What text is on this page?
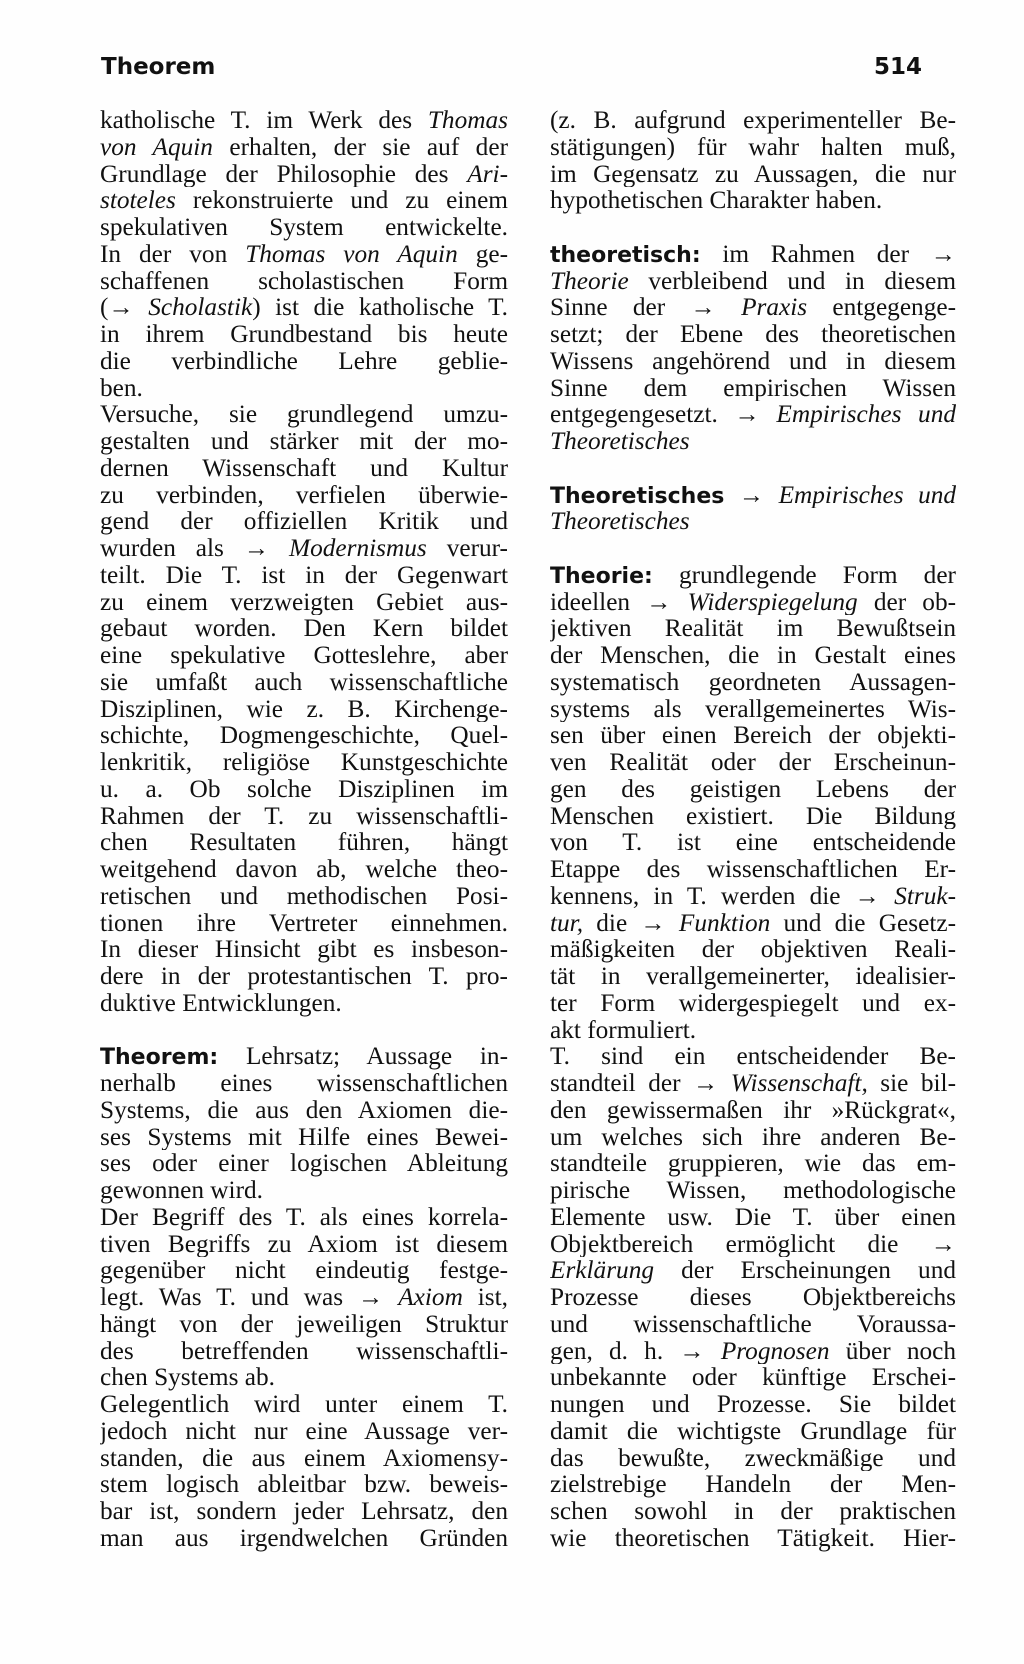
Theorem	514
katholische T. im Werk des Thomas
von Aquin erhalten, der sie auf der
Grundlage der Philosophie des Ari-
stoteles rekonstruierte und zu einem
spekulativen System entwickelte.
In der von Thomas von Aquin ge-
schaffenen scholastischen Form
(→ Scholastik) ist die katholische T.
in ihrem Grundbestand bis heute
die verbindliche Lehre geblie-
ben.
Versuche, sie grundlegend umzu-
gestalten und stärker mit der mo-
dernen Wissenschaft und Kultur
zu verbinden, verfielen überwie-
gend der offiziellen Kritik und
wurden als → Modernismus verur-
teilt. Die T. ist in der Gegenwart
zu einem verzweigten Gebiet aus-
gebaut worden. Den Kern bildet
eine spekulative Gotteslehre, aber
sie umfaßt auch wissenschaftliche
Disziplinen, wie z. B. Kirchenge-
schichte, Dogmengeschichte, Quel-
lenkritik, religiöse Kunstgeschichte
u. a. Ob solche Disziplinen im
Rahmen der T. zu wissenschaftli-
chen Resultaten führen, hängt
weitgehend davon ab, welche theo-
retischen und methodischen Posi-
tionen ihre Vertreter einnehmen.
In dieser Hinsicht gibt es insbeson-
dere in der protestantischen T. pro-
duktive Entwicklungen.
Theorem: Lehrsatz; Aussage in-
nerhalb eines wissenschaftlichen
Systems, die aus den Axiomen die-
ses Systems mit Hilfe eines Bewei-
ses oder einer logischen Ableitung
gewonnen wird.
Der Begriff des T. als eines korrela-
tiven Begriffs zu Axiom ist diesem
gegenüber nicht eindeutig festge-
legt. Was T. und was → Axiom ist,
hängt von der jeweiligen Struktur
des betreffenden wissenschaftli-
chen Systems ab.
Gelegentlich wird unter einem T.
jedoch nicht nur eine Aussage ver-
standen, die aus einem Axiomensy-
stem logisch ableitbar bzw. beweis-
bar ist, sondern jeder Lehrsatz, den
man aus irgendwelchen Gründen
(z. B. aufgrund experimenteller Be-
stätigungen) für wahr halten muß,
im Gegensatz zu Aussagen, die nur
hypothetischen Charakter haben.
theoretisch: im Rahmen der →
Theorie verbleibend und in diesem
Sinne der → Praxis entgegenge-
setzt; der Ebene des theoretischen
Wissens angehörend und in diesem
Sinne dem empirischen Wissen
entgegengesetzt. → Empirisches und
Theoretisches
Theoretisches → Empirisches und
Theoretisches
Theorie: grundlegende Form der
ideellen → Widerspiegelung der ob-
jektiven Realität im Bewußtsein
der Menschen, die in Gestalt eines
systematisch geordneten Aussagen-
systems als verallgemeinertes Wis-
sen über einen Bereich der objekti-
ven Realität oder der Erscheinun-
gen des geistigen Lebens der
Menschen existiert. Die Bildung
von T. ist eine entscheidende
Etappe des wissenschaftlichen Er-
kennens, in T. werden die → Struk-
tur, die → Funktion und die Gesetz-
mäßigkeiten der objektiven Reali-
tät in verallgemeinerter, idealisier-
ter Form widergespiegelt und ex-
akt formuliert.
T. sind ein entscheidender Be-
standteil der → Wissenschaft, sie bil-
den gewissermaßen ihr »Rückgrat«,
um welches sich ihre anderen Be-
standteile gruppieren, wie das em-
pirische Wissen, methodologische
Elemente usw. Die T. über einen
Objektbereich ermöglicht die →
Erklärung der Erscheinungen und
Prozesse dieses Objektbereichs
und wissenschaftliche Voraussa-
gen, d. h. → Prognosen über noch
unbekannte oder künftige Erschei-
nungen und Prozesse. Sie bildet
damit die wichtigste Grundlage für
das bewußte, zweckmäßige und
zielstrebige Handeln der Men-
schen sowohl in der praktischen
wie theoretischen Tätigkeit. Hier-
